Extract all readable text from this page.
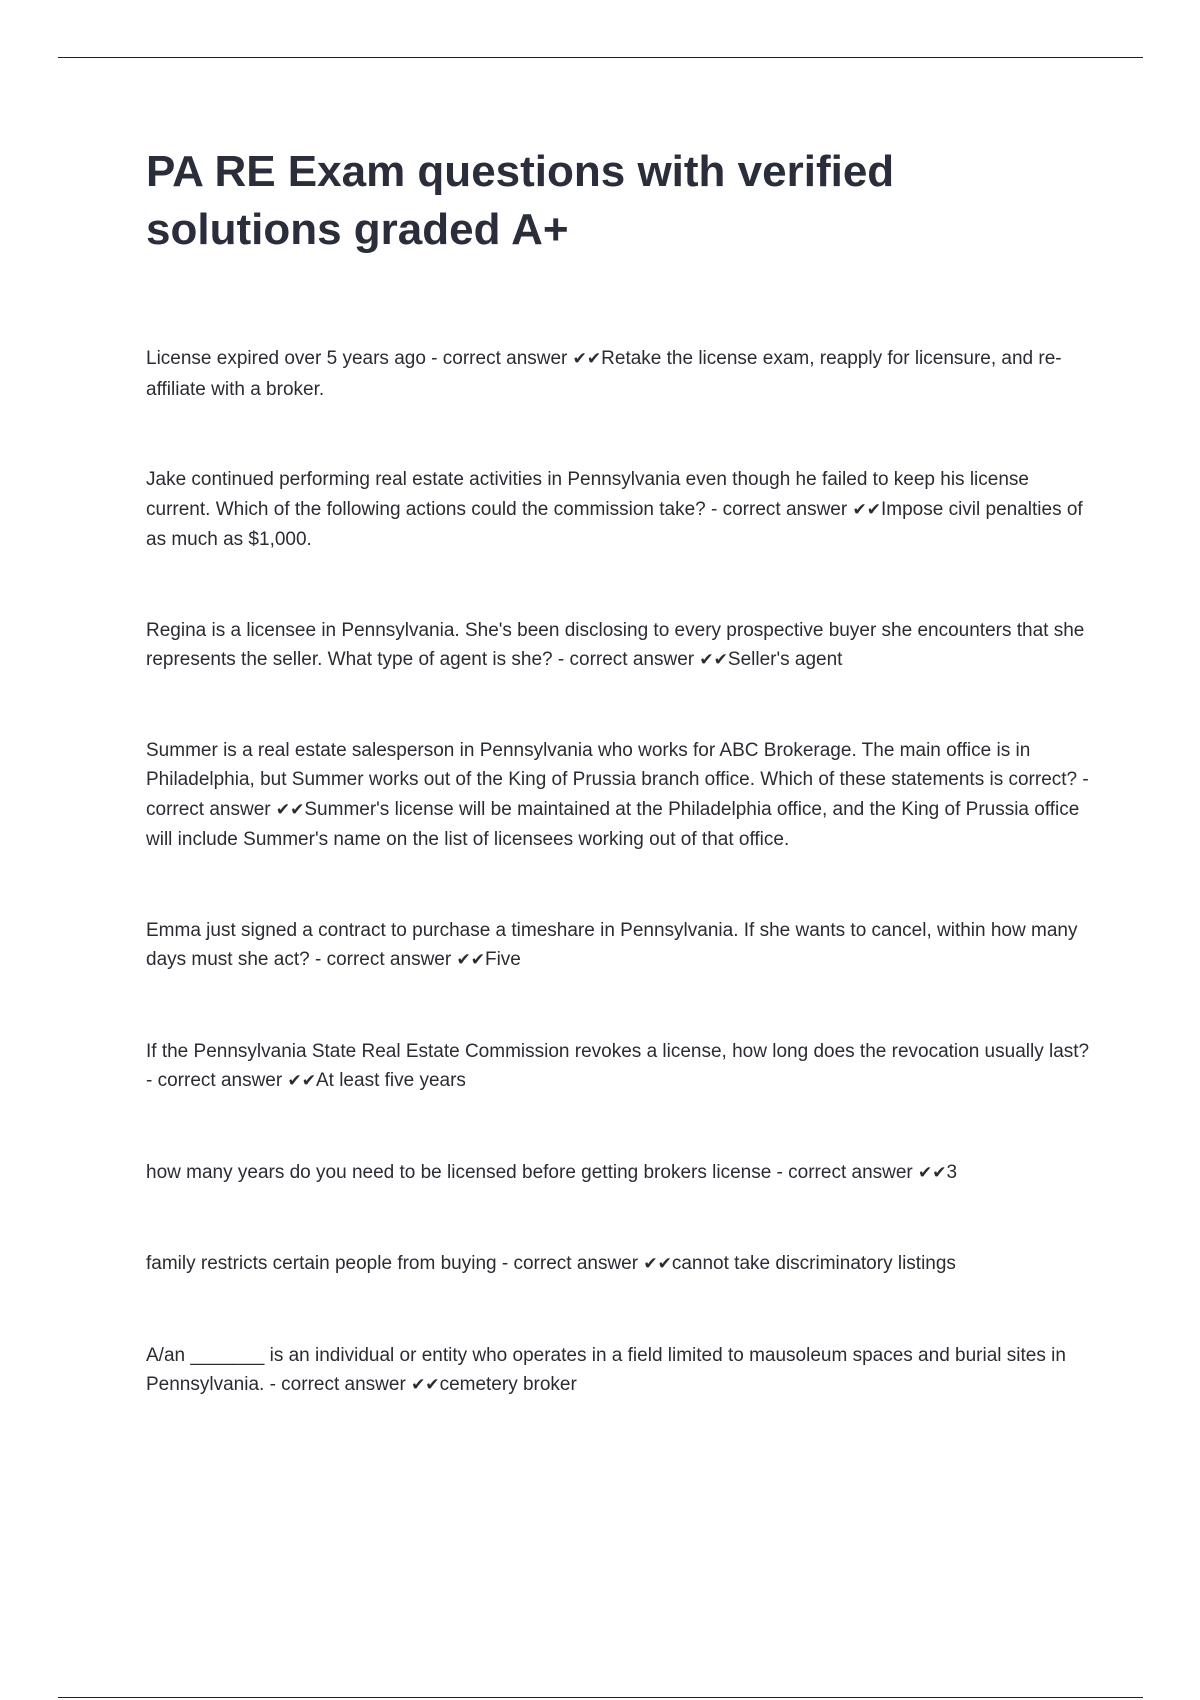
PA RE Exam questions with verified solutions graded A+
License expired over 5 years ago - correct answer ✔✔Retake the license exam, reapply for licensure, and re-affiliate with a broker.
Jake continued performing real estate activities in Pennsylvania even though he failed to keep his license current. Which of the following actions could the commission take? - correct answer ✔✔Impose civil penalties of as much as $1,000.
Regina is a licensee in Pennsylvania. She's been disclosing to every prospective buyer she encounters that she represents the seller. What type of agent is she? - correct answer ✔✔Seller's agent
Summer is a real estate salesperson in Pennsylvania who works for ABC Brokerage. The main office is in Philadelphia, but Summer works out of the King of Prussia branch office. Which of these statements is correct? - correct answer ✔✔Summer's license will be maintained at the Philadelphia office, and the King of Prussia office will include Summer's name on the list of licensees working out of that office.
Emma just signed a contract to purchase a timeshare in Pennsylvania. If she wants to cancel, within how many days must she act? - correct answer ✔✔Five
If the Pennsylvania State Real Estate Commission revokes a license, how long does the revocation usually last? - correct answer ✔✔At least five years
how many years do you need to be licensed before getting brokers license - correct answer ✔✔3
family restricts certain people from buying - correct answer ✔✔cannot take discriminatory listings
A/an _______ is an individual or entity who operates in a field limited to mausoleum spaces and burial sites in Pennsylvania. - correct answer ✔✔cemetery broker
